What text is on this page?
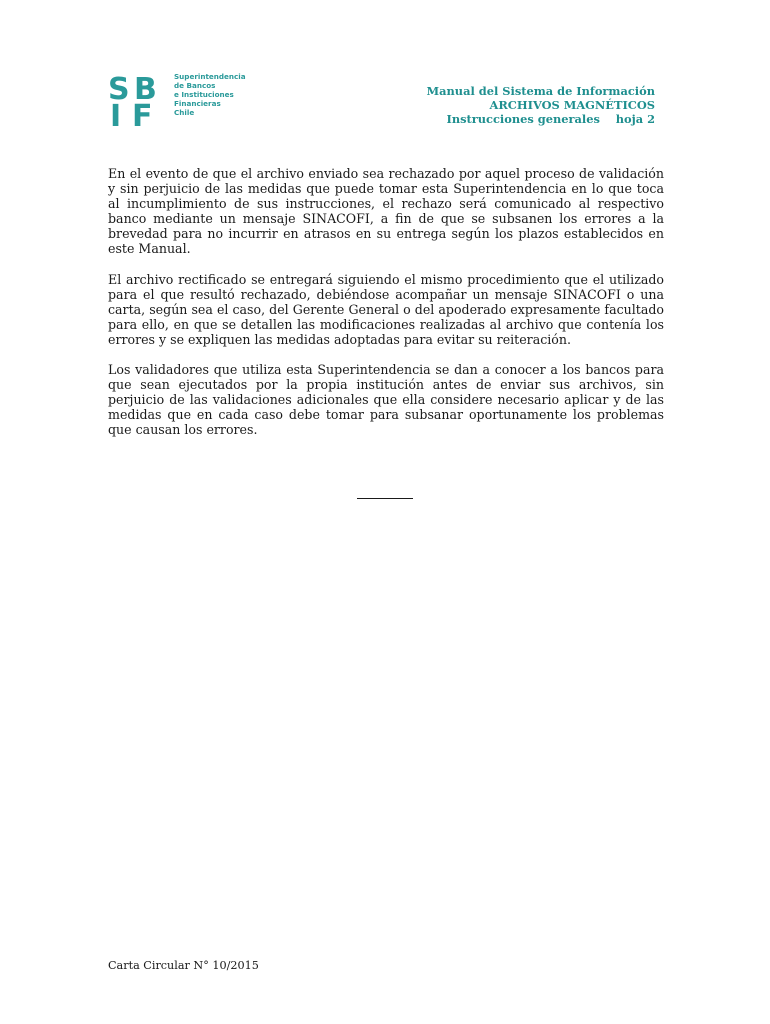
S B
I F
Superintendencia
de Bancos
e Instituciones
Financieras
Chile
Manual del Sistema de Información
ARCHIVOS MAGNÉTICOS
Instrucciones generales    hoja 2

En el evento de que el archivo enviado sea rechazado por aquel proceso de validación y sin perjuicio de las medidas que puede tomar esta Superintendencia en lo que toca al incumplimiento de sus instrucciones, el rechazo será comunicado al respectivo banco mediante un mensaje SINACOFI, a fin de que se subsanen los errores a la brevedad para no incurrir en atrasos en su entrega según los plazos establecidos en este Manual.

El archivo rectificado se entregará siguiendo el mismo procedimiento que el utilizado para el que resultó rechazado, debiéndose acompañar un mensaje SINACOFI o una carta, según sea el caso, del Gerente General o del apoderado expresamente facultado para ello, en que se detallen las modificaciones realizadas al archivo que contenía los errores y se expliquen las medidas adoptadas para evitar su reiteración.

Los validadores que utiliza esta Superintendencia se dan a conocer a los bancos para que sean ejecutados por la propia institución antes de enviar sus archivos, sin perjuicio de las validaciones adicionales que ella considere necesario aplicar y de las medidas que en cada caso debe tomar para subsanar oportunamente los problemas que causan los errores.

Carta Circular N° 10/2015
